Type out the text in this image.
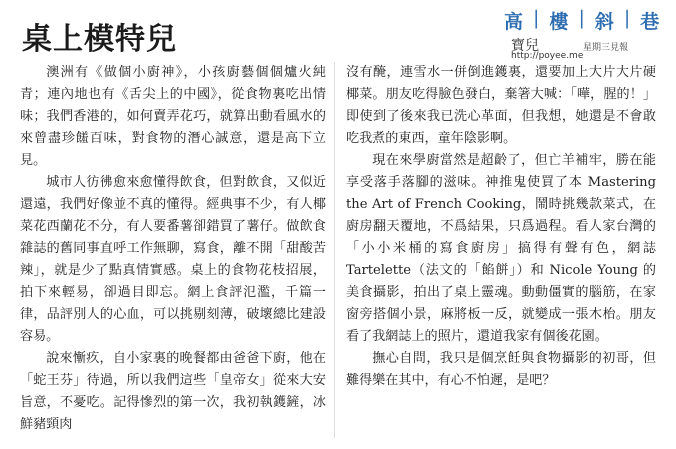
桌上模特兒
高 | 樓 | 斜 | 巷
寶兒	星期三見報
http://poyee.me

澳洲有《做個小廚神》，小孩廚藝個個爐火純青；連內地也有《舌尖上的中國》，從食物裏吃出情味；我們香港的，如何賣弄花巧，就算出動看風水的來曾盡珍饈百味，對食物的潛心誠意，還是高下立見。

城市人彷彿愈來愈懂得飲食，但對飲食，又似近還遠，我們好像並不真的懂得。經典事不少，有人椰菜花西蘭花不分，有人要番薯卻錯買了薯仔。做飲食雜誌的舊同事直呼工作無聊，寫食，離不開「甜酸苦辣」，就是少了點真情實感。桌上的食物花枝招展，拍下來輕易，卻過目即忘。網上食評氾濫，千篇一律，品評別人的心血，可以挑剔刻薄，破壞總比建設容易。

說來慚疚，自小家裏的晚餐都由爸爸下廚，他在「蛇王芬」待過，所以我們這些「皇帝女」從來大安旨意，不憂吃。記得慘烈的第一次，我初執鑊鏟，冰鮮豬頸肉

沒有醃，連雪水一併倒進鑊裏，還要加上大片大片硬椰菜。朋友吃得臉色發白，棄箸大喊：「嘩，腥的！」即使到了後來我已洗心革面，但我想，她還是不會敢吃我煮的東西，童年陰影啊。

現在來學廚當然是超齡了，但亡羊補牢，勝在能享受落手落腳的滋味。神推鬼使買了本 Mastering the Art of French Cooking，鬧時挑幾款菜式，在廚房翻天覆地，不爲結果，只爲過程。看人家台灣的「小小米桶的寫食廚房」搞得有聲有色，網誌 Tartelette（法文的「餡餅」）和 Nicole Young 的美食攝影，拍出了桌上靈魂。動動僵實的腦筋，在家窗旁搭個小景，麻將板一反，就變成一張木枱。朋友看了我網誌上的照片，還道我家有個後花園。

撫心自問，我只是個烹飪與食物攝影的初哥，但難得樂在其中，有心不怕遲，是吧？
